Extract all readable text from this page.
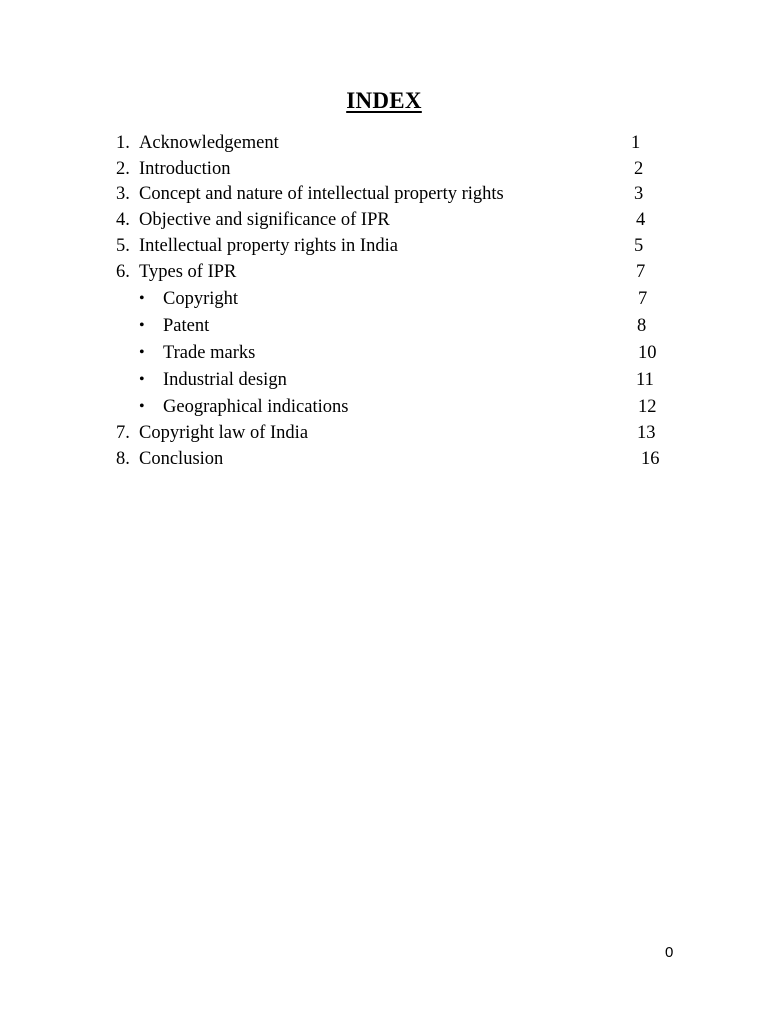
INDEX
1. Acknowledgement	1
2. Introduction	2
3. Concept and nature of intellectual property rights	3
4. Objective and significance of IPR	4
5. Intellectual property rights in India	5
6. Types of IPR	7
• Copyright	7
• Patent	8
• Trade marks	10
• Industrial design	11
• Geographical indications	12
7. Copyright law of India	13
8. Conclusion	16
0
